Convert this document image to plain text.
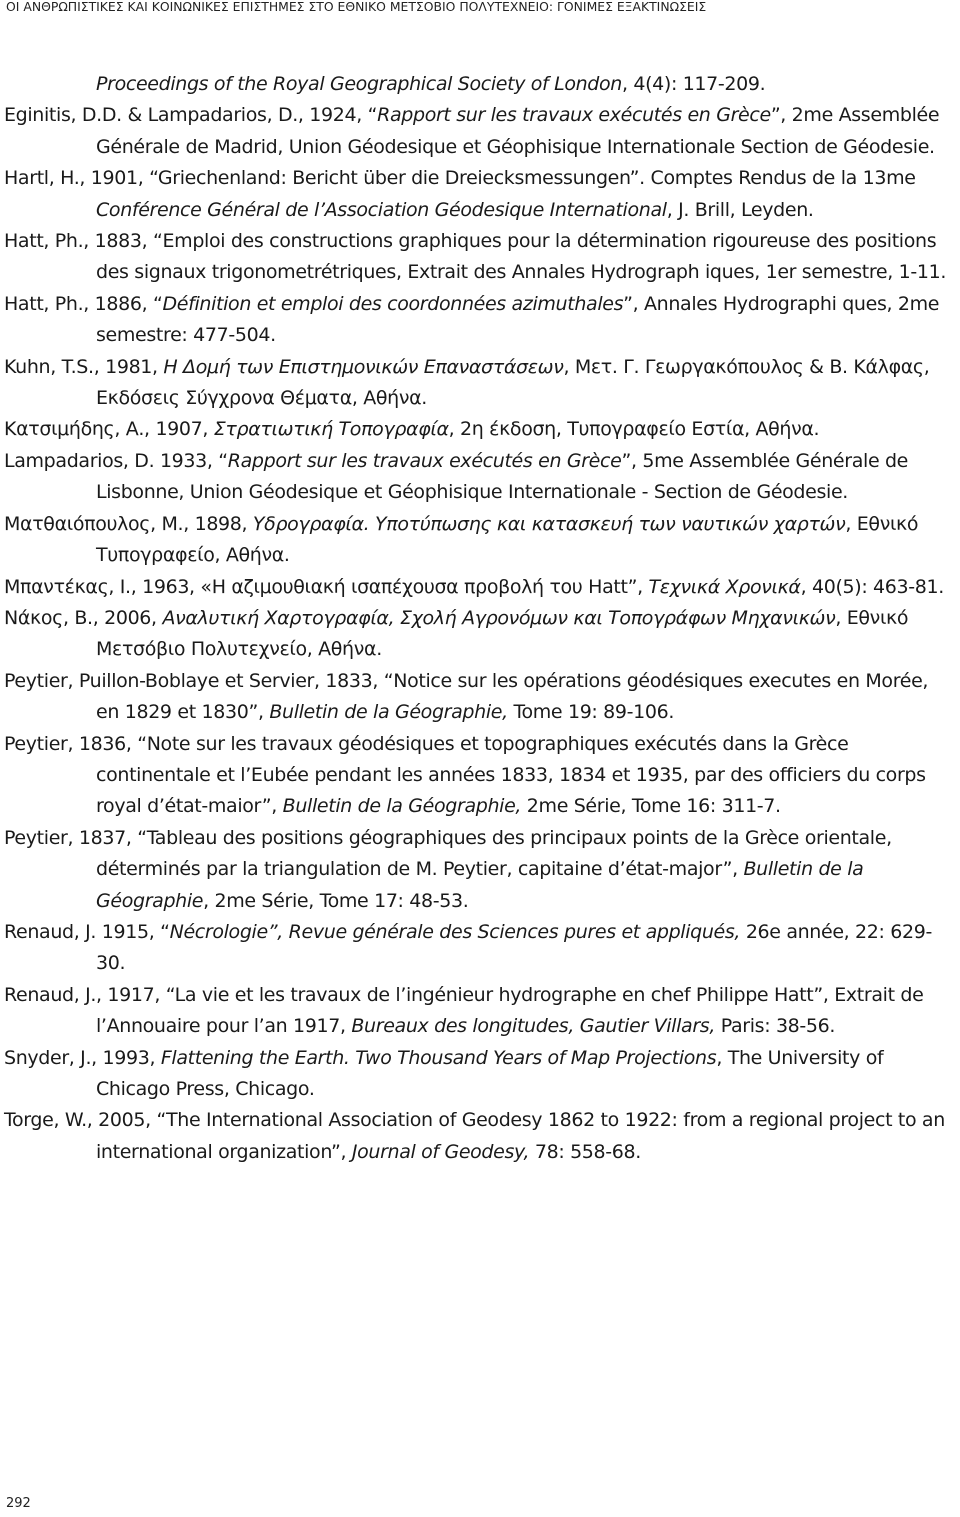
ΟΙ ΑΝΘΡΩΠΙΣΤΙΚΕΣ ΚΑΙ ΚΟΙΝΩΝΙΚΕΣ ΕΠΙΣΤΗΜΕΣ ΣΤΟ ΕΘΝΙΚΟ ΜΕΤΣΟΒΙΟ ΠΟΛΥΤΕΧΝΕΙΟ: ΓΟΝΙΜΕΣ ΕΞΑΚΤΙΝΩΣΕΙΣ

Proceedings of the Royal Geographical Society of London, 4(4): 117-209.

Eginitis, D.D. & Lampadarios, D., 1924, “Rapport sur les travaux exécutés en Grèce”, 2me Assemblée Générale de Madrid, Union Géodesique et Géophisique Internationale Section de Géodesie.

Hartl, H., 1901, “Griechenland: Bericht über die Dreiecksmessungen”. Comptes Rendus de la 13me Conférence Général de l’Association Géodesique International, J. Brill, Leyden.

Hatt, Ph., 1883, “Emploi des constructions graphiques pour la détermination rigoureuse des positions des signaux trigonometrétriques, Extrait des Annales Hydrograph iques, 1er semestre, 1-11.

Hatt, Ph., 1886, “Définition et emploi des coordonnées azimuthales”, Annales Hydrographi ques, 2me semestre: 477-504.

Kuhn, T.S., 1981, Η Δομή των Επιστημονικών Επαναστάσεων, Μετ. Γ. Γεωργακόπουλος & Β. Κάλφας, Εκδόσεις Σύγχρονα Θέματα, Αθήνα.

Κατσιμήδης, Α., 1907, Στρατιωτική Τοπογραφία, 2η έκδοση, Τυπογραφείο Εστία, Αθήνα.

Lampadarios, D. 1933, “Rapport sur les travaux exécutés en Grèce”, 5me Assemblée Générale de Lisbonne, Union Géodesique et Géophisique Internationale - Section de Géodesie.

Ματθαιόπουλος, Μ., 1898, Υδρογραφία. Υποτύπωσης και κατασκευή των ναυτικών χαρτών, Εθνικό Τυπογραφείο, Αθήνα.

Μπαντέκας, Ι., 1963, «Η αζιμουθιακή ισαπέχουσα προβολή του Hatt”, Τεχνικά Χρονικά, 40(5): 463-81.

Νάκος, Β., 2006, Αναλυτική Χαρτογραφία, Σχολή Αγρονόμων και Τοπογράφων Μηχανικών, Εθνικό Μετσόβιο Πολυτεχνείο, Αθήνα.

Peytier, Puillon-Boblaye et Servier, 1833, “Notice sur les opérations géodésiques executes en Morée, en 1829 et 1830”, Bulletin de la Géographie, Tome 19: 89-106.

Peytier, 1836, “Note sur les travaux géodésiques et topographiques exécutés dans la Grèce continentale et l’Eubée pendant les années 1833, 1834 et 1935, par des officiers du corps royal d’état-maior”, Bulletin de la Géographie, 2me Série, Tome 16: 311-7.

Peytier, 1837, “Tableau des positions géographiques des principaux points de la Grèce orientale, déterminés par la triangulation de M. Peytier, capitaine d’état-major”, Bulletin de la Géographie, 2me Série, Tome 17: 48-53.

Renaud, J. 1915, “Nécrologie”, Revue générale des Sciences pures et appliqués, 26e année, 22: 629-30.

Renaud, J., 1917, “La vie et les travaux de l’ingénieur hydrographe en chef Philippe Hatt”, Extrait de l’Annouaire pour l’an 1917, Bureaux des longitudes, Gautier Villars, Paris: 38-56.

Snyder, J., 1993, Flattening the Earth. Two Thousand Years of Map Projections, The University of Chicago Press, Chicago.

Torge, W., 2005, “The International Association of Geodesy 1862 to 1922: from a regional project to an international organization”, Journal of Geodesy, 78: 558-68.

292
